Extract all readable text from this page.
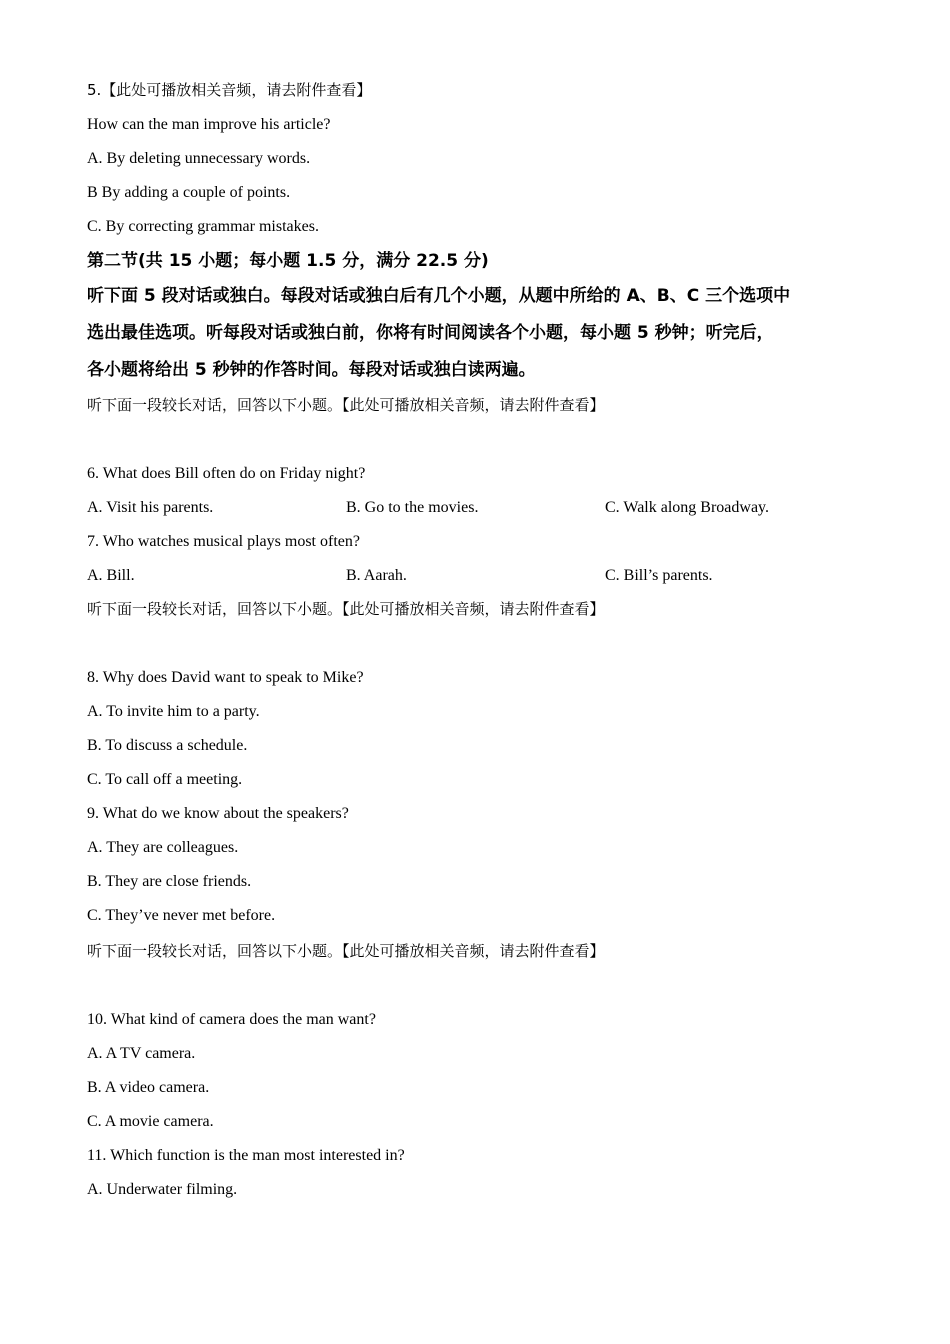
5.【此处可播放相关音频，请去附件查看】
How can the man improve his article?
A. By deleting unnecessary words.
B By adding a couple of points.
C. By correcting grammar mistakes.
第二节(共 15 小题；每小题 1.5 分，满分 22.5 分)
听下面 5 段对话或独白。每段对话或独白后有几个小题，从题中所给的 A、B、C 三个选项中
选出最佳选项。听每段对话或独白前，你将有时间阅读各个小题，每小题 5 秒钟；听完后，
各小题将给出 5 秒钟的作答时间。每段对话或独白读两遍。
听下面一段较长对话，回答以下小题。【此处可播放相关音频，请去附件查看】
6. What does Bill often do on Friday night?
A. Visit his parents.	B. Go to the movies.	C. Walk along Broadway.
7. Who watches musical plays most often?
A. Bill.	B. Aarah.	C. Bill’s parents.
听下面一段较长对话，回答以下小题。【此处可播放相关音频，请去附件查看】
8. Why does David want to speak to Mike?
A. To invite him to a party.
B. To discuss a schedule.
C. To call off a meeting.
9. What do we know about the speakers?
A. They are colleagues.
B. They are close friends.
C. They’ve never met before.
听下面一段较长对话，回答以下小题。【此处可播放相关音频，请去附件查看】
10. What kind of camera does the man want?
A. A TV camera.
B. A video camera.
C. A movie camera.
11. Which function is the man most interested in?
A. Underwater filming.
